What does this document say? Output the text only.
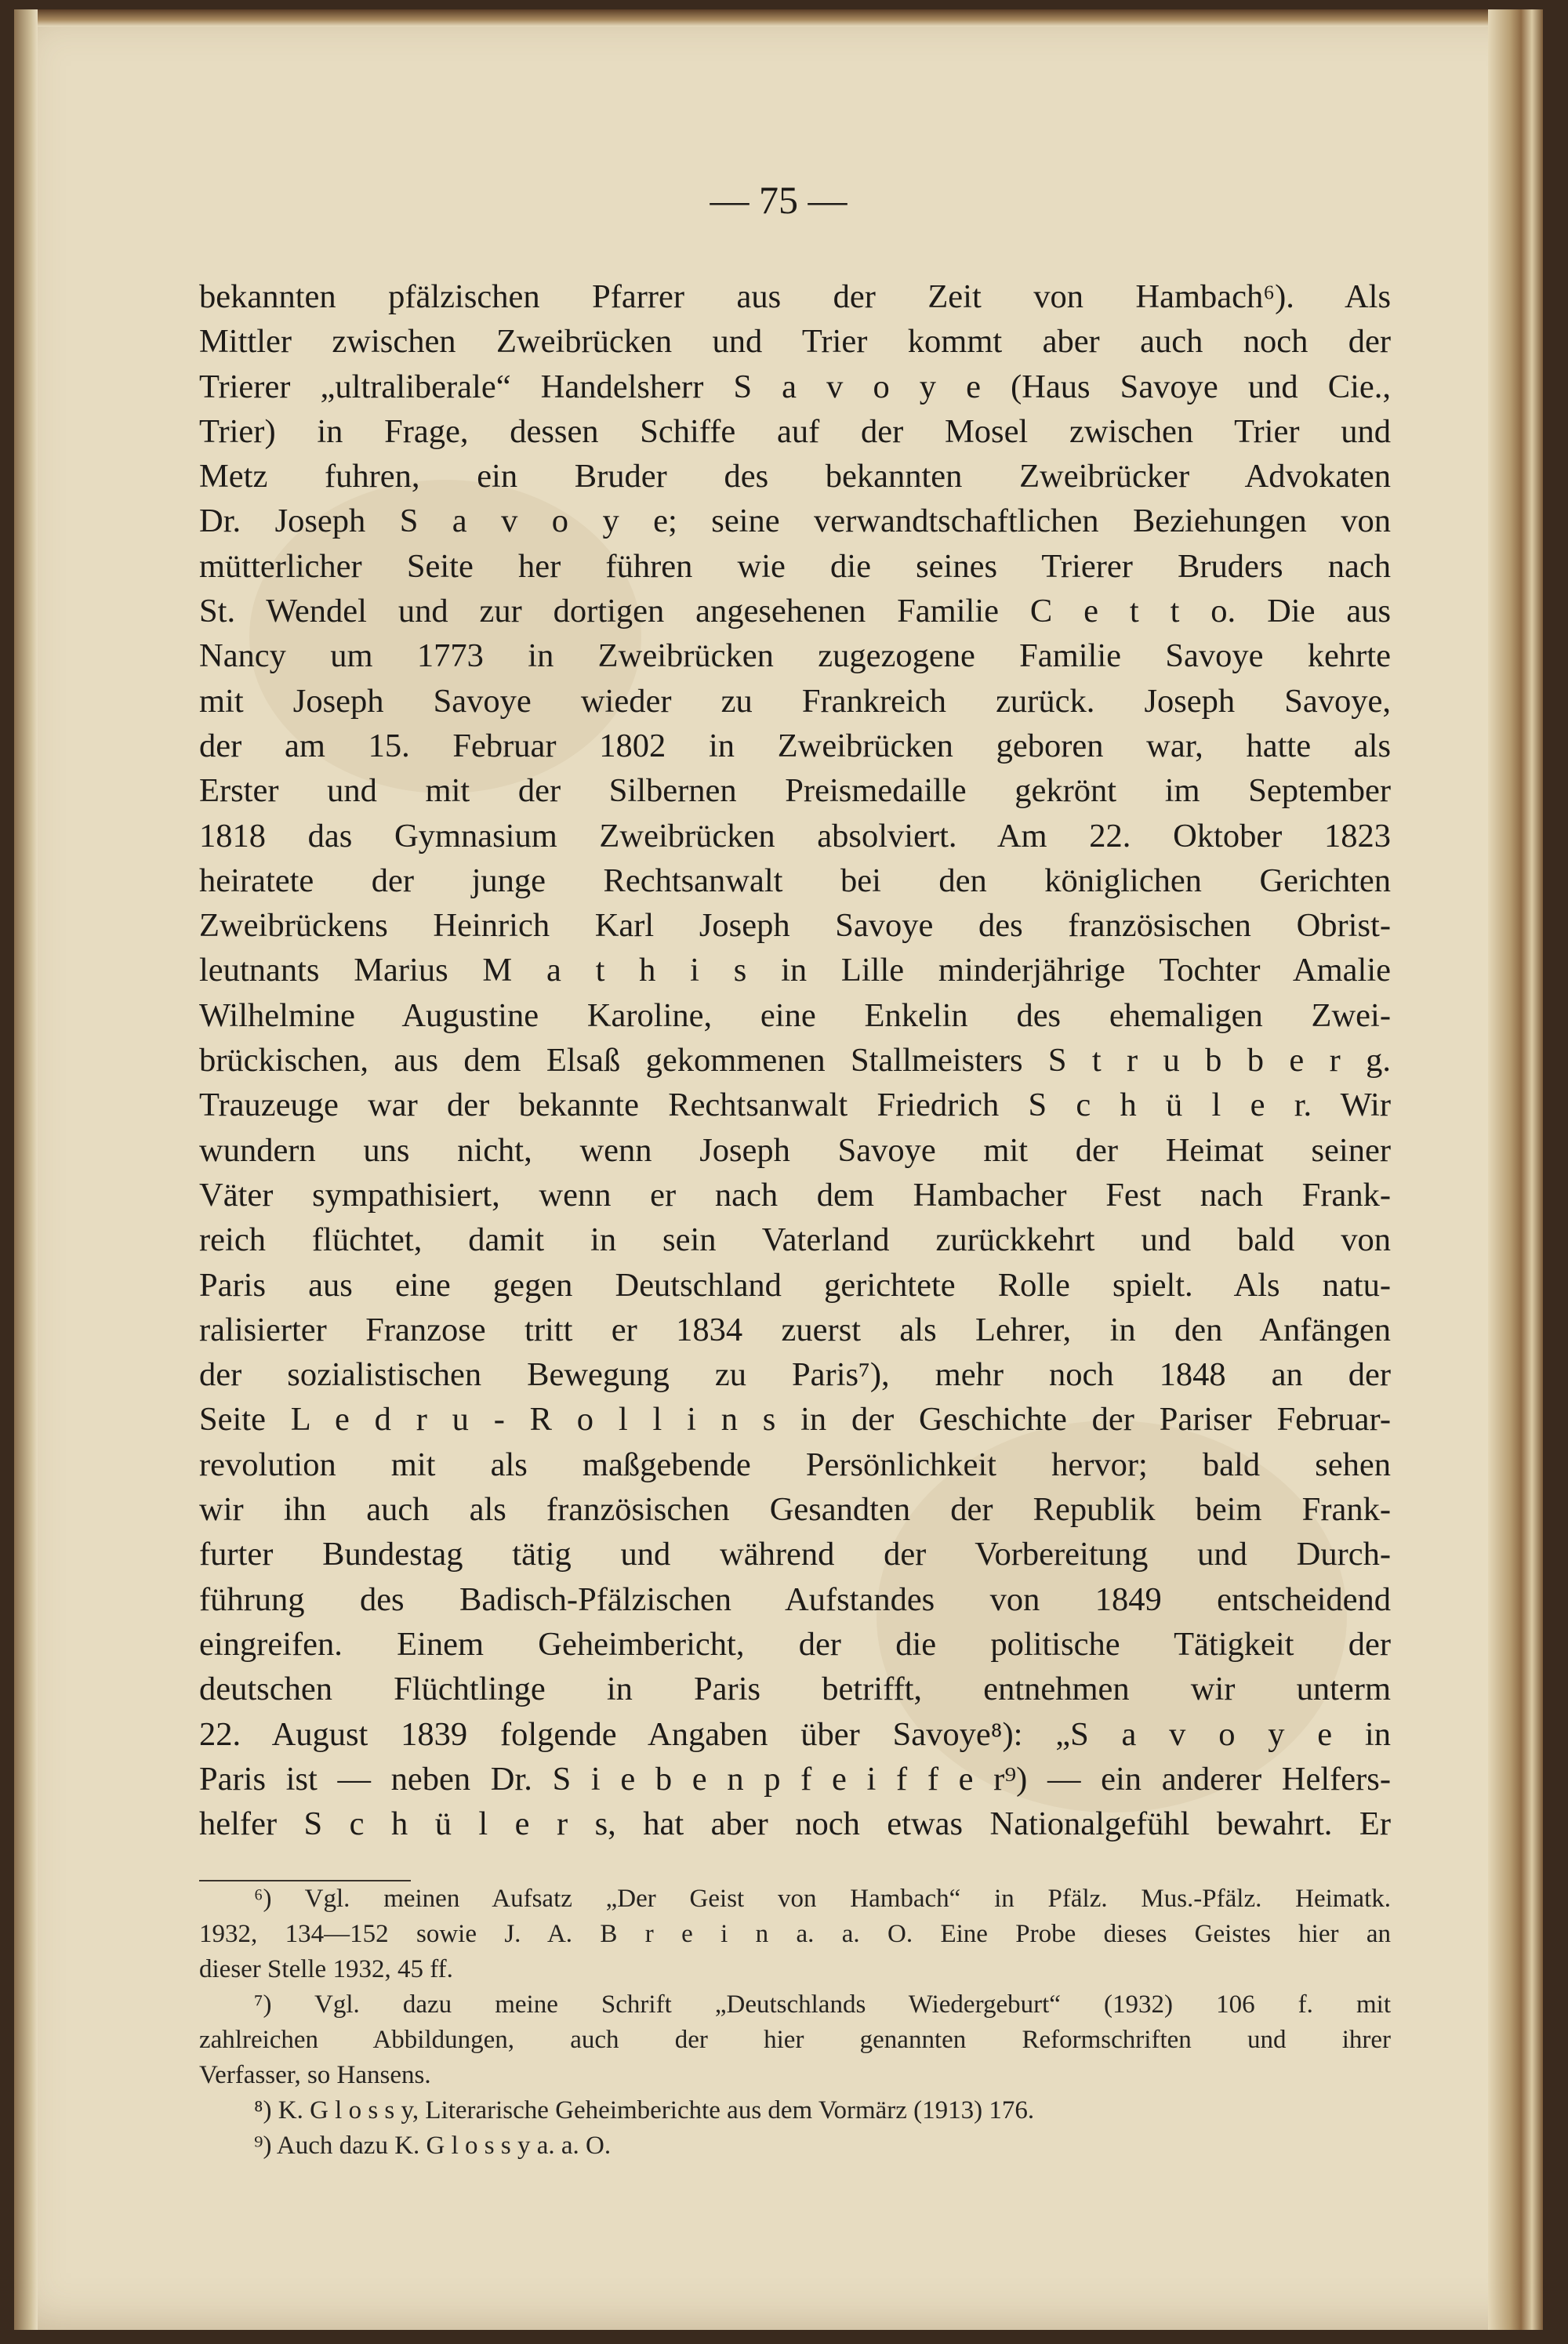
— 75 —
bekannten pfälzischen Pfarrer aus der Zeit von Hambach⁶). Als
Mittler zwischen Zweibrücken und Trier kommt aber auch noch der
Trierer „ultraliberale“ Handelsherr S a v o y e (Haus Savoye und Cie.,
Trier) in Frage, dessen Schiffe auf der Mosel zwischen Trier und
Metz fuhren, ein Bruder des bekannten Zweibrücker Advokaten
Dr. Joseph S a v o y e; seine verwandtschaftlichen Beziehungen von
mütterlicher Seite her führen wie die seines Trierer Bruders nach
St. Wendel und zur dortigen angesehenen Familie C e t t o. Die aus
Nancy um 1773 in Zweibrücken zugezogene Familie Savoye kehrte
mit Joseph Savoye wieder zu Frankreich zurück. Joseph Savoye,
der am 15. Februar 1802 in Zweibrücken geboren war, hatte als
Erster und mit der Silbernen Preismedaille gekrönt im September
1818 das Gymnasium Zweibrücken absolviert. Am 22. Oktober 1823
heiratete der junge Rechtsanwalt bei den königlichen Gerichten
Zweibrückens Heinrich Karl Joseph Savoye des französischen Obrist-
leutnants Marius M a t h i s in Lille minderjährige Tochter Amalie
Wilhelmine Augustine Karoline, eine Enkelin des ehemaligen Zwei-
brückischen, aus dem Elsaß gekommenen Stallmeisters S t r u b b e r g.
Trauzeuge war der bekannte Rechtsanwalt Friedrich S c h ü l e r. Wir
wundern uns nicht, wenn Joseph Savoye mit der Heimat seiner
Väter sympathisiert, wenn er nach dem Hambacher Fest nach Frank-
reich flüchtet, damit in sein Vaterland zurückkehrt und bald von
Paris aus eine gegen Deutschland gerichtete Rolle spielt. Als natu-
ralisierter Franzose tritt er 1834 zuerst als Lehrer, in den Anfängen
der sozialistischen Bewegung zu Paris⁷), mehr noch 1848 an der
Seite L e d r u - R o l l i n s in der Geschichte der Pariser Februar-
revolution mit als maßgebende Persönlichkeit hervor; bald sehen
wir ihn auch als französischen Gesandten der Republik beim Frank-
furter Bundestag tätig und während der Vorbereitung und Durch-
führung des Badisch-Pfälzischen Aufstandes von 1849 entscheidend
eingreifen. Einem Geheimbericht, der die politische Tätigkeit der
deutschen Flüchtlinge in Paris betrifft, entnehmen wir unterm
22. August 1839 folgende Angaben über Savoye⁸): „S a v o y e in
Paris ist — neben Dr. S i e b e n p f e i f f e r⁹) — ein anderer Helfers-
helfer S c h ü l e r s, hat aber noch etwas Nationalgefühl bewahrt. Er
⁶) Vgl. meinen Aufsatz „Der Geist von Hambach“ in Pfälz. Mus.-Pfälz. Heimatk.
1932, 134—152 sowie J. A. B r e i n a. a. O. Eine Probe dieses Geistes hier an
dieser Stelle 1932, 45 ff.
⁷) Vgl. dazu meine Schrift „Deutschlands Wiedergeburt“ (1932) 106 f. mit
zahlreichen Abbildungen, auch der hier genannten Reformschriften und ihrer
Verfasser, so Hansens.
⁸) K. G l o s s y, Literarische Geheimberichte aus dem Vormärz (1913) 176.
⁹) Auch dazu K. G l o s s y a. a. O.
